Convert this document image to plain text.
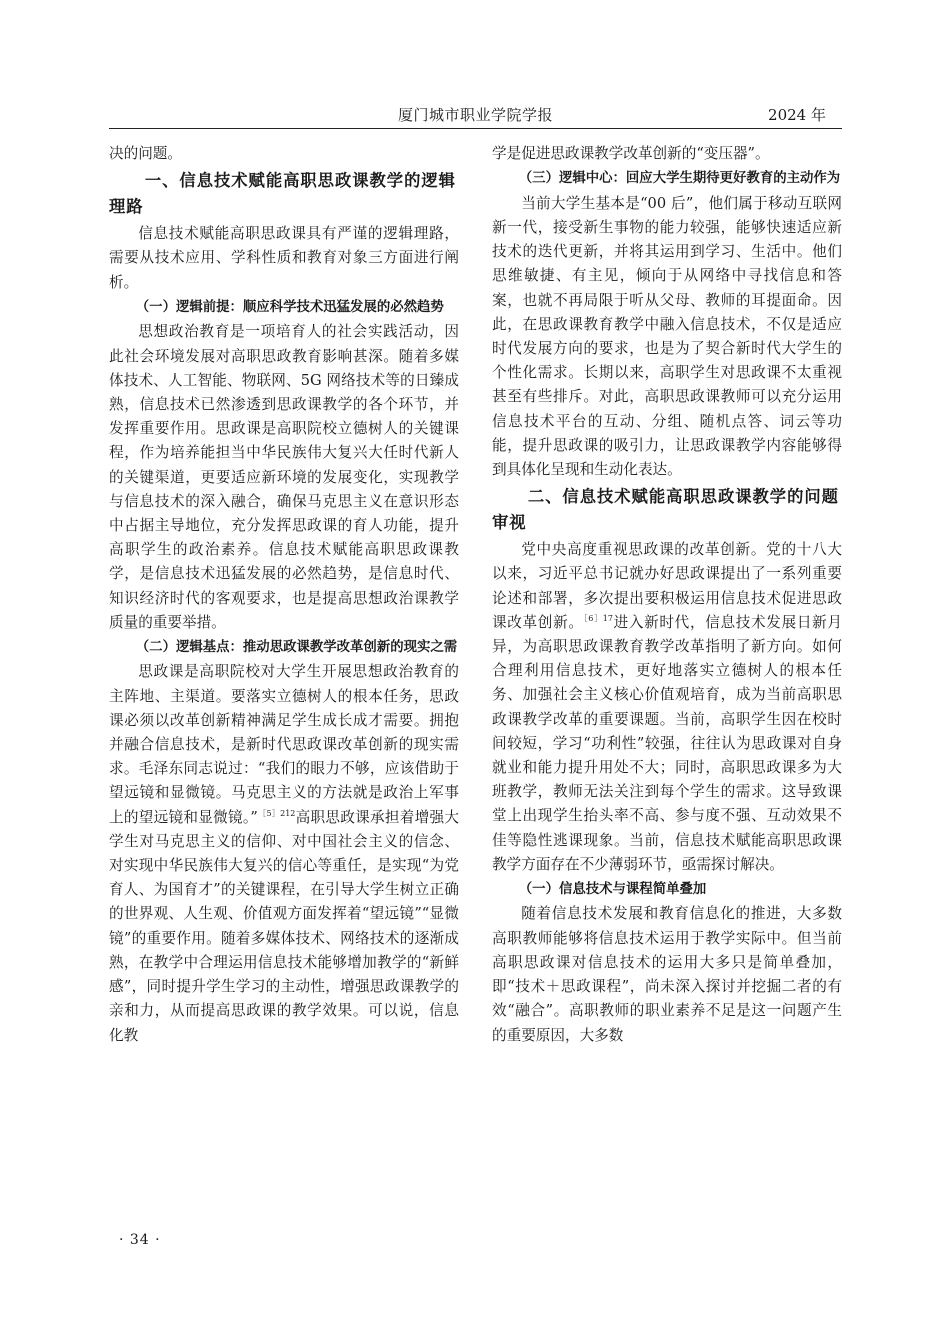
厦门城市职业学院学报	2024 年

决的问题。

一、信息技术赋能高职思政课教学的逻辑理路

信息技术赋能高职思政课具有严谨的逻辑理路，需要从技术应用、学科性质和教育对象三方面进行阐析。

（一）逻辑前提：顺应科学技术迅猛发展的必然趋势

思想政治教育是一项培育人的社会实践活动，因此社会环境发展对高职思政教育影响甚深。随着多媒体技术、人工智能、物联网、5G 网络技术等的日臻成熟，信息技术已然渗透到思政课教学的各个环节，并发挥重要作用。思政课是高职院校立德树人的关键课程，作为培养能担当中华民族伟大复兴大任时代新人的关键渠道，更要适应新环境的发展变化，实现教学与信息技术的深入融合，确保马克思主义在意识形态中占据主导地位，充分发挥思政课的育人功能，提升高职学生的政治素养。信息技术赋能高职思政课教学，是信息技术迅猛发展的必然趋势，是信息时代、知识经济时代的客观要求，也是提高思想政治课教学质量的重要举措。

（二）逻辑基点：推动思政课教学改革创新的现实之需

思政课是高职院校对大学生开展思想政治教育的主阵地、主渠道。要落实立德树人的根本任务，思政课必须以改革创新精神满足学生成长成才需要。拥抱并融合信息技术，是新时代思政课改革创新的现实需求。毛泽东同志说过：“我们的眼力不够，应该借助于望远镜和显微镜。马克思主义的方法就是政治上军事上的望远镜和显微镜。”$^{[5]212}$高职思政课承担着增强大学生对马克思主义的信仰、对中国社会主义的信念、对实现中华民族伟大复兴的信心等重任，是实现“为党育人、为国育才”的关键课程，在引导大学生树立正确的世界观、人生观、价值观方面发挥着“望远镜”“显微镜”的重要作用。随着多媒体技术、网络技术的逐渐成熟，在教学中合理运用信息技术能够增加教学的“新鲜感”，同时提升学生学习的主动性，增强思政课教学的亲和力，从而提高思政课的教学效果。可以说，信息化教

学是促进思政课教学改革创新的“变压器”。

（三）逻辑中心：回应大学生期待更好教育的主动作为

当前大学生基本是“00 后”，他们属于移动互联网新一代，接受新生事物的能力较强，能够快速适应新技术的迭代更新，并将其运用到学习、生活中。他们思维敏捷、有主见，倾向于从网络中寻找信息和答案，也就不再局限于听从父母、教师的耳提面命。因此，在思政课教育教学中融入信息技术，不仅是适应时代发展方向的要求，也是为了契合新时代大学生的个性化需求。长期以来，高职学生对思政课不太重视甚至有些排斥。对此，高职思政课教师可以充分运用信息技术平台的互动、分组、随机点答、词云等功能，提升思政课的吸引力，让思政课教学内容能够得到具体化呈现和生动化表达。

二、信息技术赋能高职思政课教学的问题审视

党中央高度重视思政课的改革创新。党的十八大以来，习近平总书记就办好思政课提出了一系列重要论述和部署，多次提出要积极运用信息技术促进思政课改革创新。$^{[6]17}$进入新时代，信息技术发展日新月异，为高职思政课教育教学改革指明了新方向。如何合理利用信息技术，更好地落实立德树人的根本任务、加强社会主义核心价值观培育，成为当前高职思政课教学改革的重要课题。当前，高职学生因在校时间较短，学习“功利性”较强，往往认为思政课对自身就业和能力提升用处不大；同时，高职思政课多为大班教学，教师无法关注到每个学生的需求。这导致课堂上出现学生抬头率不高、参与度不强、互动效果不佳等隐性逃课现象。当前，信息技术赋能高职思政课教学方面存在不少薄弱环节，亟需探讨解决。

（一）信息技术与课程简单叠加

随着信息技术发展和教育信息化的推进，大多数高职教师能够将信息技术运用于教学实际中。但当前高职思政课对信息技术的运用大多只是简单叠加，即“技术＋思政课程”，尚未深入探讨并挖掘二者的有效“融合”。高职教师的职业素养不足是这一问题产生的重要原因，大多数

· 34 ·
